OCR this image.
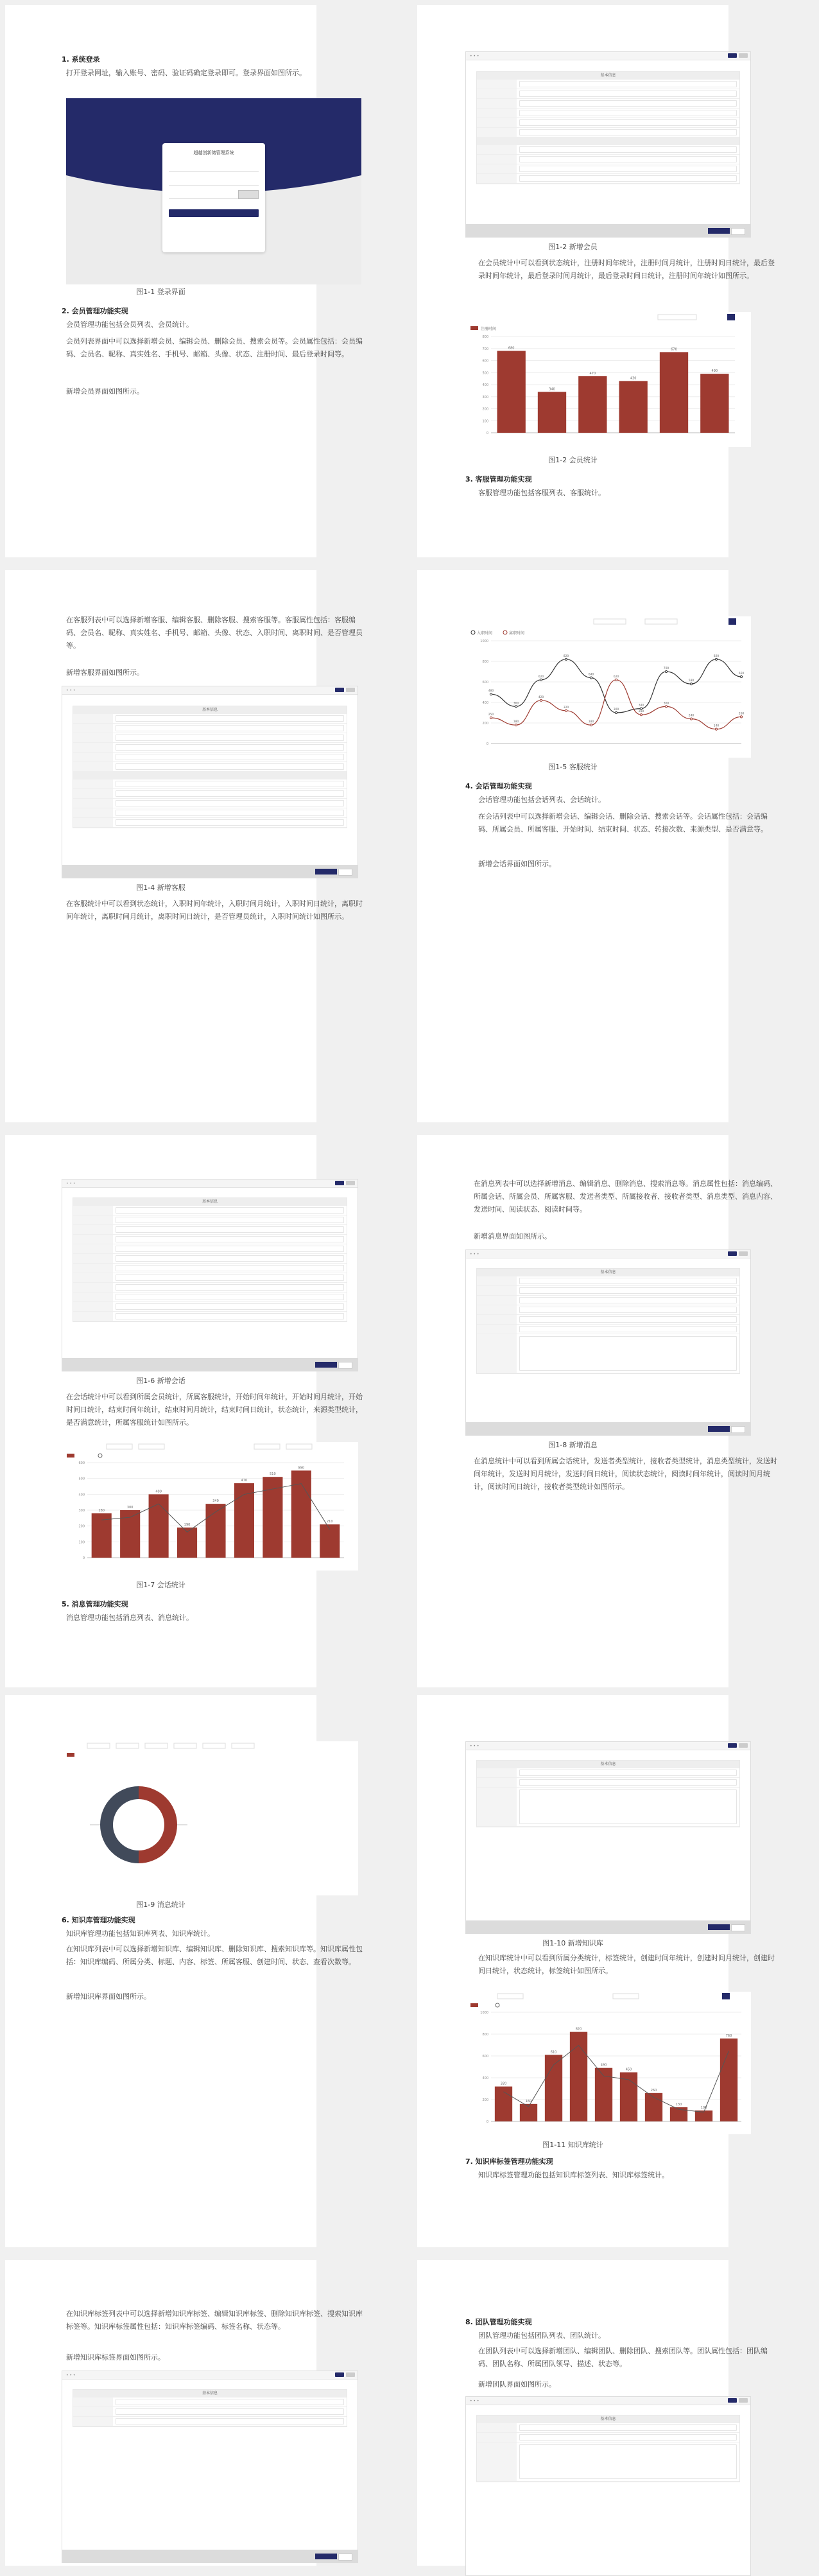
1. 系统登录
打开登录网址，输入账号、密码、验证码确定登录即可。登录界面如图所示。
超越创新储管理系统
图1-1 登录界面
2. 会员管理功能实现
会员管理功能包括会员列表、会员统计。
会员列表界面中可以选择新增会员、编辑会员、删除会员、搜索会员等。会员属性包括：会员编码、会员名、昵称、真实姓名、手机号、邮箱、头像、状态、注册时间、最后登录时间等。
新增会员界面如图所示。
• • •
基本信息
图1-2 新增会员
在会员统计中可以看到状态统计，注册时间年统计，注册时间月统计，注册时间日统计，最后登录时间年统计，最后登录时间月统计，最后登录时间日统计，注册时间年统计如图所示。
注册时间
0
100
200
300
400
500
600
700
800
680
340
470
430
670
490
图1-2 会员统计
3. 客服管理功能实现
客服管理功能包括客服列表、客服统计。
在客服列表中可以选择新增客服、编辑客服、删除客服、搜索客服等。客服属性包括：客服编码、会员名、昵称、真实姓名、手机号、邮箱、头像、状态、入职时间、离职时间、是否管理员等。
新增客服界面如图所示。
• • •
基本信息
图1-4 新增客服
在客服统计中可以看到状态统计，入职时间年统计，入职时间月统计，入职时间日统计，离职时间年统计，离职时间月统计，离职时间日统计，是否管理员统计，入职时间统计如图所示。
入职时间	离职时间
0
200
400
600
800
1000
480
360
620
820
640
300
340
700
580
820
650
250
180
420
320
180
620
280
360
240
140
260
图1-5 客服统计
4. 会话管理功能实现
会话管理功能包括会话列表、会话统计。
在会话列表中可以选择新增会话、编辑会话、删除会话、搜索会话等。会话属性包括：会话编码、所属会员、所属客服、开始时间、结束时间、状态、转接次数、来源类型、是否满意等。
新增会话界面如图所示。
• • •
基本信息
图1-6 新增会话
在会话统计中可以看到所属会员统计，所属客服统计，开始时间年统计，开始时间月统计，开始时间日统计，结束时间年统计，结束时间月统计，结束时间日统计，状态统计，来源类型统计，是否满意统计，所属客服统计如图所示。
0
100
200
300
400
500
600
280
300
400
190
340
470
510
550
210
图1-7 会话统计
5. 消息管理功能实现
消息管理功能包括消息列表、消息统计。
在消息列表中可以选择新增消息、编辑消息、删除消息、搜索消息等。消息属性包括：消息编码、所属会话、所属会员、所属客服、发送者类型、所属接收者、接收者类型、消息类型、消息内容、发送时间、阅读状态、阅读时间等。
新增消息界面如图所示。
• • •
基本信息
图1-8 新增消息
在消息统计中可以看到所属会话统计，发送者类型统计，接收者类型统计，消息类型统计，发送时间年统计，发送时间月统计，发送时间日统计，阅读状态统计，阅读时间年统计，阅读时间月统计，阅读时间日统计，接收者类型统计如图所示。
图1-9 消息统计
6. 知识库管理功能实现
知识库管理功能包括知识库列表、知识库统计。
在知识库列表中可以选择新增知识库、编辑知识库、删除知识库、搜索知识库等。知识库属性包括：知识库编码、所属分类、标题、内容、标签、所属客服、创建时间、状态、查看次数等。
新增知识库界面如图所示。
• • •
基本信息
图1-10 新增知识库
在知识库统计中可以看到所属分类统计，标签统计，创建时间年统计，创建时间月统计，创建时间日统计，状态统计，标签统计如图所示。
0
200
400
600
800
1000
320
160
610
820
490
450
260
130
100
760
图1-11 知识库统计
7. 知识库标签管理功能实现
知识库标签管理功能包括知识库标签列表、知识库标签统计。
在知识库标签列表中可以选择新增知识库标签、编辑知识库标签、删除知识库标签、搜索知识库标签等。知识库标签属性包括：知识库标签编码、标签名称、状态等。
新增知识库标签界面如图所示。
• • •
基本信息
8. 团队管理功能实现
团队管理功能包括团队列表、团队统计。
在团队列表中可以选择新增团队、编辑团队、删除团队、搜索团队等。团队属性包括：团队编码、团队名称、所属团队领导、描述、状态等。
新增团队界面如图所示。
• • •
基本信息
